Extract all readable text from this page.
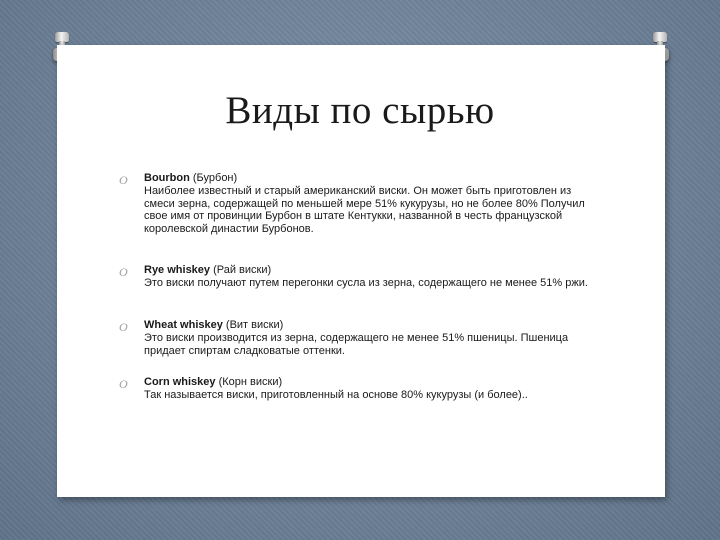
Виды по сырью
O Bourbon (Бурбон)
Наиболее известный и старый американский виски. Он может быть приготовлен из смеси зерна, содержащей по меньшей мере 51% кукурузы, но не более 80% Получил свое имя от провинции Бурбон в штате Кентукки, названной в честь французской королевской династии Бурбонов.
O Rye whiskey (Рай виски)
Это виски получают путем перегонки сусла из зерна, содержащего не менее 51% ржи.
O Wheat whiskey (Вит виски)
Это виски производится из зерна, содержащего не менее 51% пшеницы. Пшеница придает спиртам сладковатые оттенки.
O Corn whiskey (Корн виски)
Так называется виски, приготовленный на основе 80% кукурузы (и более)..
